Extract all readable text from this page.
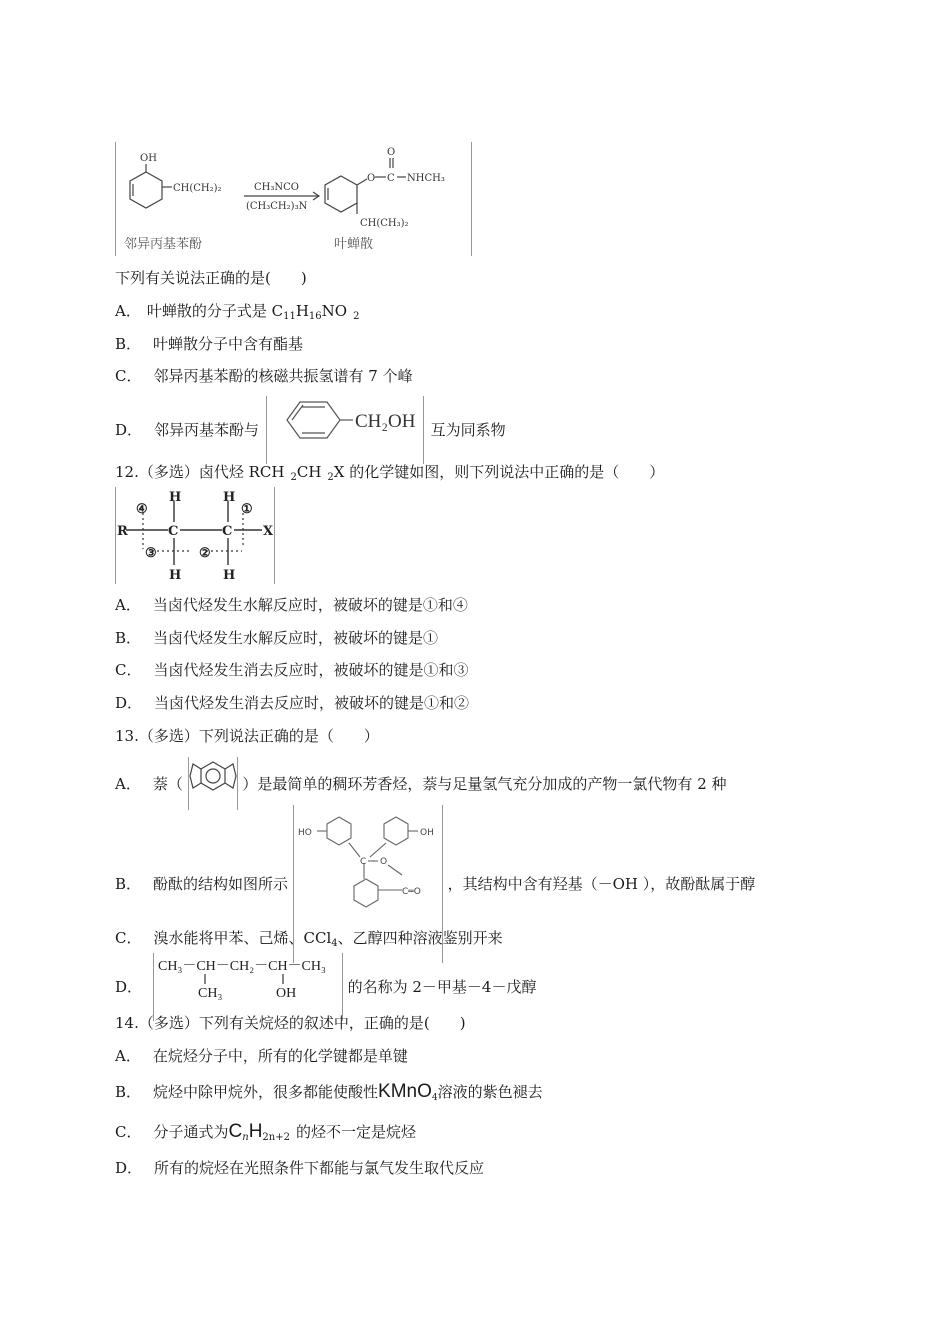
OH
CH(CH₂)₂	CH₃NCO
(CH₃CH₂)₃N
O
O C NHCH₃
CH(CH₃)₂
邻异丙基苯酚	叶蝉散
下列有关说法正确的是(　　)
A． 叶蝉散的分子式是 C11H16NO 2
B． 叶蝉散分子中含有酯基
C． 邻异丙基苯酚的核磁共振氢谱有 7 个峰
D． 邻异丙基苯酚与	CH₂OH 互为同系物
12.（多选）卤代烃 RCH 2CH 2X 的化学键如图，则下列说法中正确的是（　　）
R	C	C X
H	H
H	H
④	①
③	②
A． 当卤代烃发生水解反应时，被破坏的键是①和④
B． 当卤代烃发生水解反应时，被破坏的键是①
C． 当卤代烃发生消去反应时，被破坏的键是①和③
D． 当卤代烃发生消去反应时，被破坏的键是①和②
13.（多选）下列说法正确的是（　　）
A． 萘（	）是最简单的稠环芳香烃，萘与足量氢气充分加成的产物一氯代物有 2 种
B． 酚酞的结构如图所示
HO	OH
C O
C═O ，其结构中含有羟基（－OH ），故酚酞属于醇
C． 溴水能将甲苯、己烯、CCl4、乙醇四种溶液鉴别开来
D．
CH₃－CH－CH₂－CH－CH₃
CH₃	OH	的名称为 2－甲基－4－戊醇
14.（多选）下列有关烷烃的叙述中，正确的是(　　)
A． 在烷烃分子中，所有的化学键都是单键
B． 烷烃中除甲烷外，很多都能使酸性KMnO4溶液的紫色褪去
C． 分子通式为CnH2n+2 的烃不一定是烷烃
D． 所有的烷烃在光照条件下都能与氯气发生取代反应
